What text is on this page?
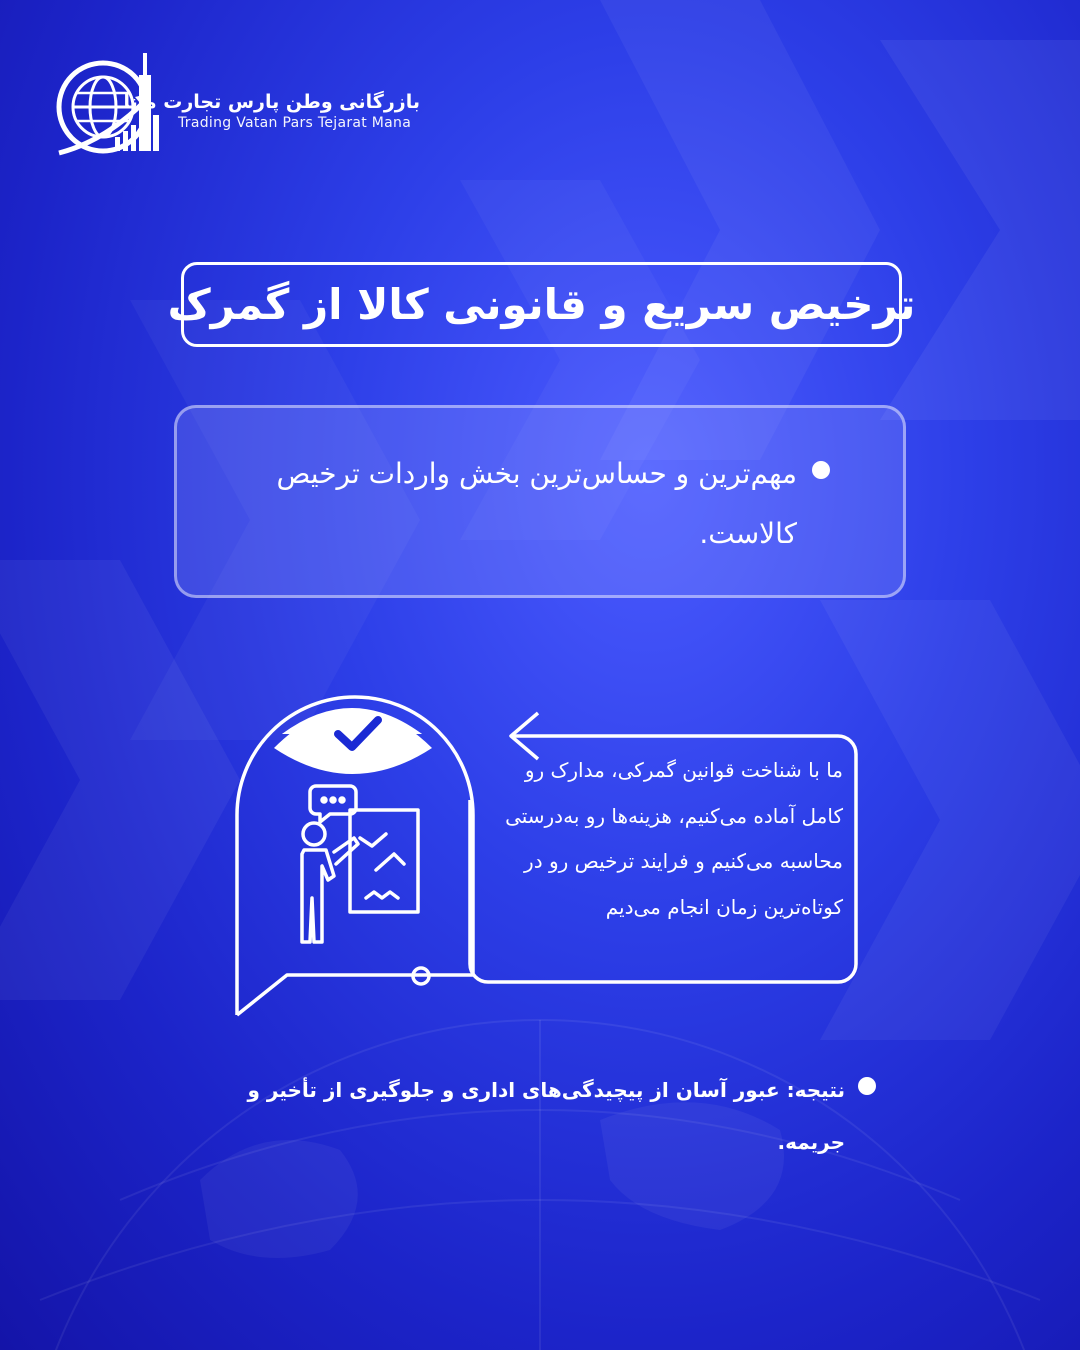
بازرگانی وطن پارس تجارت مانا
Trading Vatan Pars Tejarat Mana
ترخیص سریع و قانونی کالا از گمرک
مهم‌ترین و حساس‌ترین بخش واردات ترخیص کالاست.
ما با شناخت قوانین گمرکی، مدارک رو کامل آماده می‌کنیم، هزینه‌ها رو به‌درستی محاسبه می‌کنیم و فرایند ترخیص رو در کوتاه‌ترین زمان انجام می‌دیم
نتیجه: عبور آسان از پیچیدگی‌های اداری و جلوگیری از تأخیر و جریمه.
